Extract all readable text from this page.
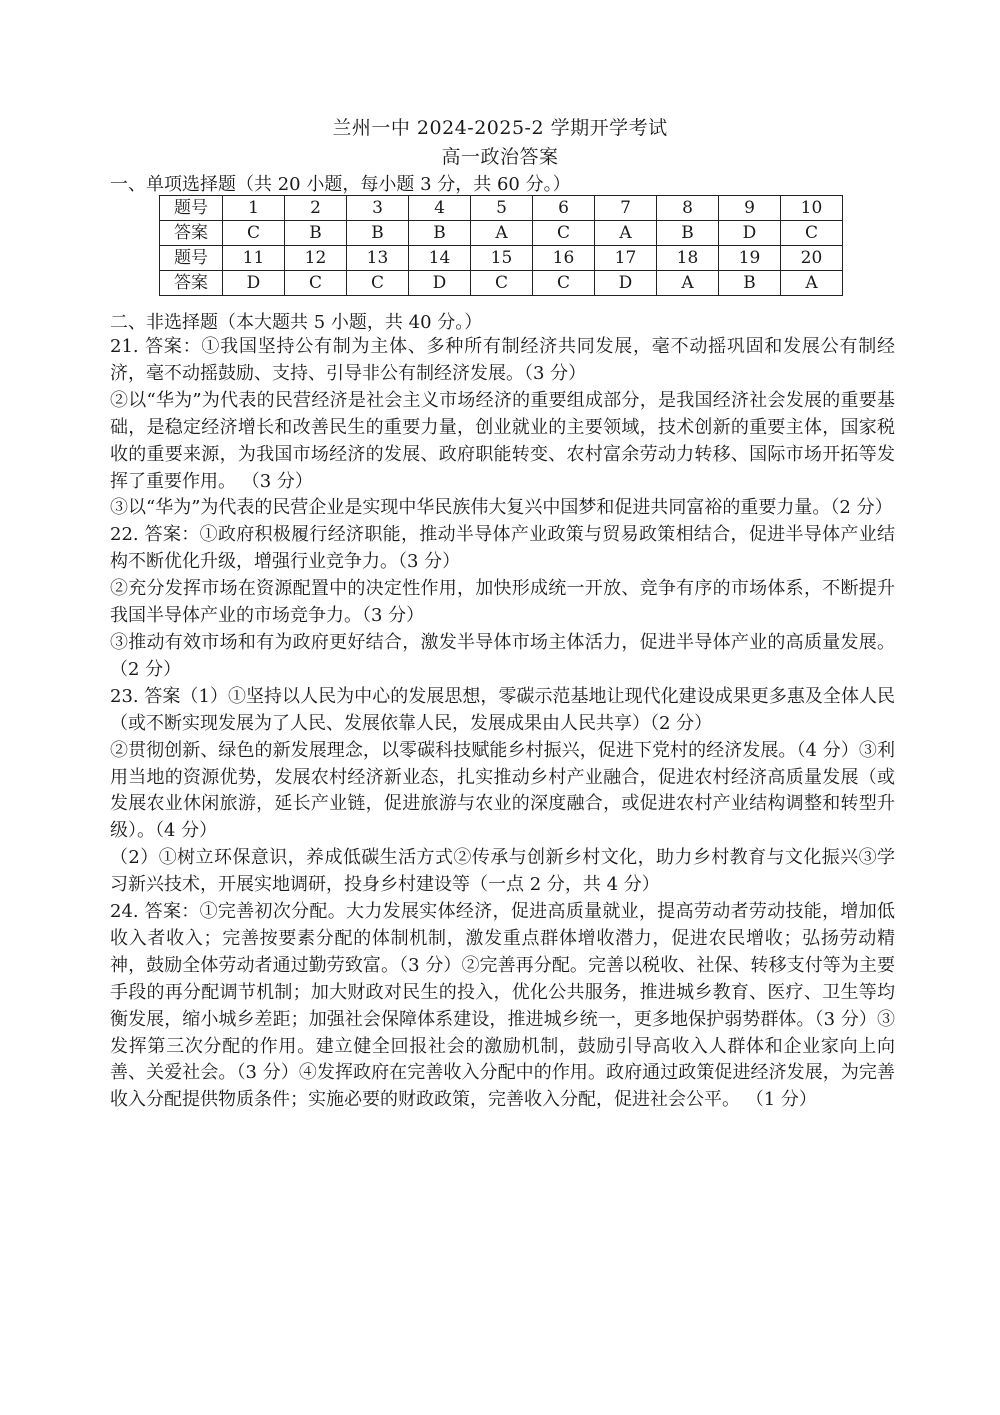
兰州一中 2024-2025-2 学期开学考试
高一政治答案
一、单项选择题（共 20 小题，每小题 3 分，共 60 分。）
题号	1	2	3	4	5	6	7	8	9	10
答案	C	B	B	B	A	C	A	B	D	C
题号	11	12	13	14	15	16	17	18	19	20
答案	D	C	C	D	C	C	D	A	B	A
二、非选择题（本大题共 5 小题，共 40 分。）

21. 答案：①我国坚持公有制为主体、多种所有制经济共同发展，毫不动摇巩固和发展公有制经济，毫不动摇鼓励、支持、引导非公有制经济发展。（3 分）

②以“华为”为代表的民营经济是社会主义市场经济的重要组成部分，是我国经济社会发展的重要基础，是稳定经济增长和改善民生的重要力量，创业就业的主要领域，技术创新的重要主体，国家税收的重要来源，为我国市场经济的发展、政府职能转变、农村富余劳动力转移、国际市场开拓等发挥了重要作用。 （3 分）

③以“华为”为代表的民营企业是实现中华民族伟大复兴中国梦和促进共同富裕的重要力量。（2 分）

22. 答案：①政府积极履行经济职能，推动半导体产业政策与贸易政策相结合，促进半导体产业结构不断优化升级，增强行业竞争力。（3 分）

②充分发挥市场在资源配置中的决定性作用，加快形成统一开放、竞争有序的市场体系，不断提升我国半导体产业的市场竞争力。（3 分）

③推动有效市场和有为政府更好结合，激发半导体市场主体活力，促进半导体产业的高质量发展。（2 分）

23. 答案（1）①坚持以人民为中心的发展思想，零碳示范基地让现代化建设成果更多惠及全体人民（或不断实现发展为了人民、发展依靠人民，发展成果由人民共享）（2 分）

②贯彻创新、绿色的新发展理念，以零碳科技赋能乡村振兴，促进下党村的经济发展。（4 分）③利用当地的资源优势，发展农村经济新业态，扎实推动乡村产业融合，促进农村经济高质量发展（或发展农业休闲旅游，延长产业链，促进旅游与农业的深度融合，或促进农村产业结构调整和转型升级）。（4 分）

（2）①树立环保意识，养成低碳生活方式②传承与创新乡村文化，助力乡村教育与文化振兴③学习新兴技术，开展实地调研，投身乡村建设等（一点 2 分，共 4 分）

24. 答案：①完善初次分配。大力发展实体经济，促进高质量就业，提高劳动者劳动技能，增加低收入者收入；完善按要素分配的体制机制，激发重点群体增收潜力，促进农民增收；弘扬劳动精神，鼓励全体劳动者通过勤劳致富。（3 分）②完善再分配。完善以税收、社保、转移支付等为主要手段的再分配调节机制；加大财政对民生的投入，优化公共服务，推进城乡教育、医疗、卫生等均衡发展，缩小城乡差距；加强社会保障体系建设，推进城乡统一，更多地保护弱势群体。（3 分）③发挥第三次分配的作用。建立健全回报社会的激励机制，鼓励引导高收入人群体和企业家向上向善、关爱社会。（3 分）④发挥政府在完善收入分配中的作用。政府通过政策促进经济发展，为完善收入分配提供物质条件；实施必要的财政政策，完善收入分配，促进社会公平。 （1 分）
